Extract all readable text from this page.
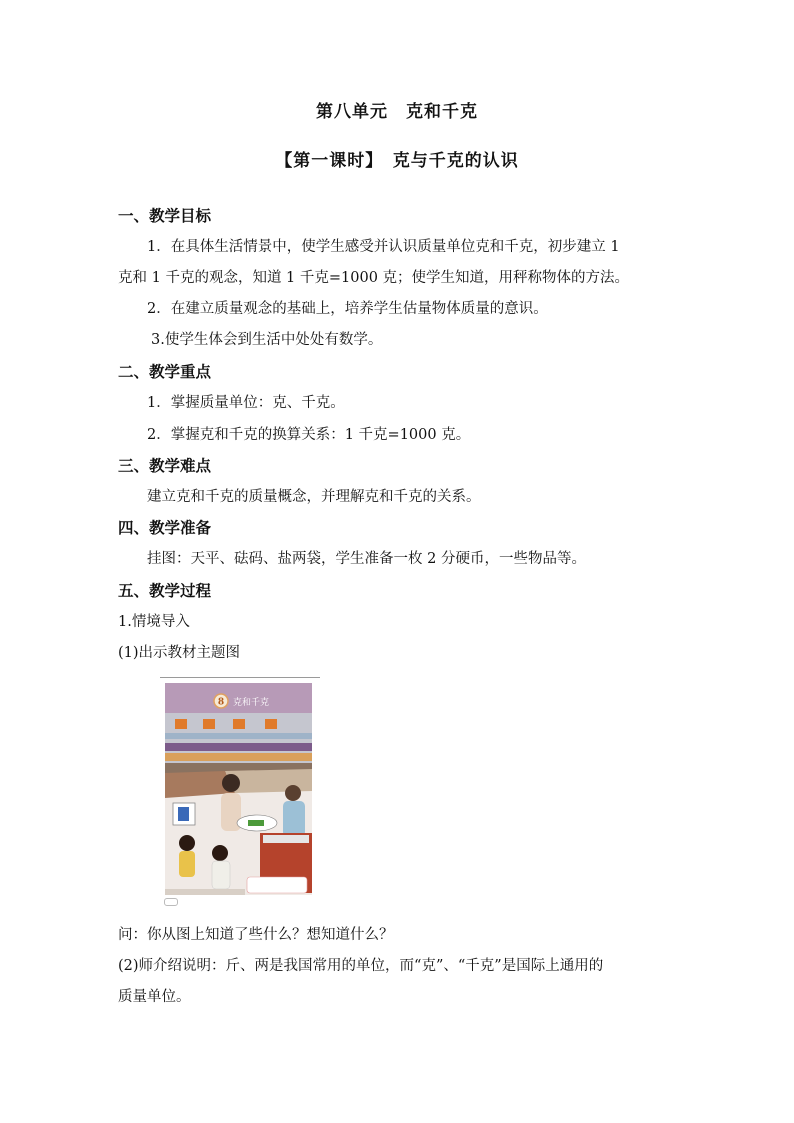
第八单元　克和千克
【第一课时】　克与千克的认识
一、教学目标
1．在具体生活情景中，使学生感受并认识质量单位克和千克，初步建立 1
克和 1 千克的观念，知道 1 千克=1000 克；使学生知道，用秤称物体的方法。
2．在建立质量观念的基础上，培养学生估量物体质量的意识。
3.使学生体会到生活中处处有数学。
二、教学重点
1．掌握质量单位：克、千克。
2．掌握克和千克的换算关系：1 千克=1000 克。
三、教学难点
建立克和千克的质量概念，并理解克和千克的关系。
四、教学准备
挂图：天平、砝码、盐两袋，学生准备一枚 2 分硬币，一些物品等。
五、教学过程
1.情境导入
(1)出示教材主题图
8 克和千克
问：你从图上知道了些什么？想知道什么？
(2)师介绍说明：斤、两是我国常用的单位，而“克”、“千克”是国际上通用的
质量单位。
